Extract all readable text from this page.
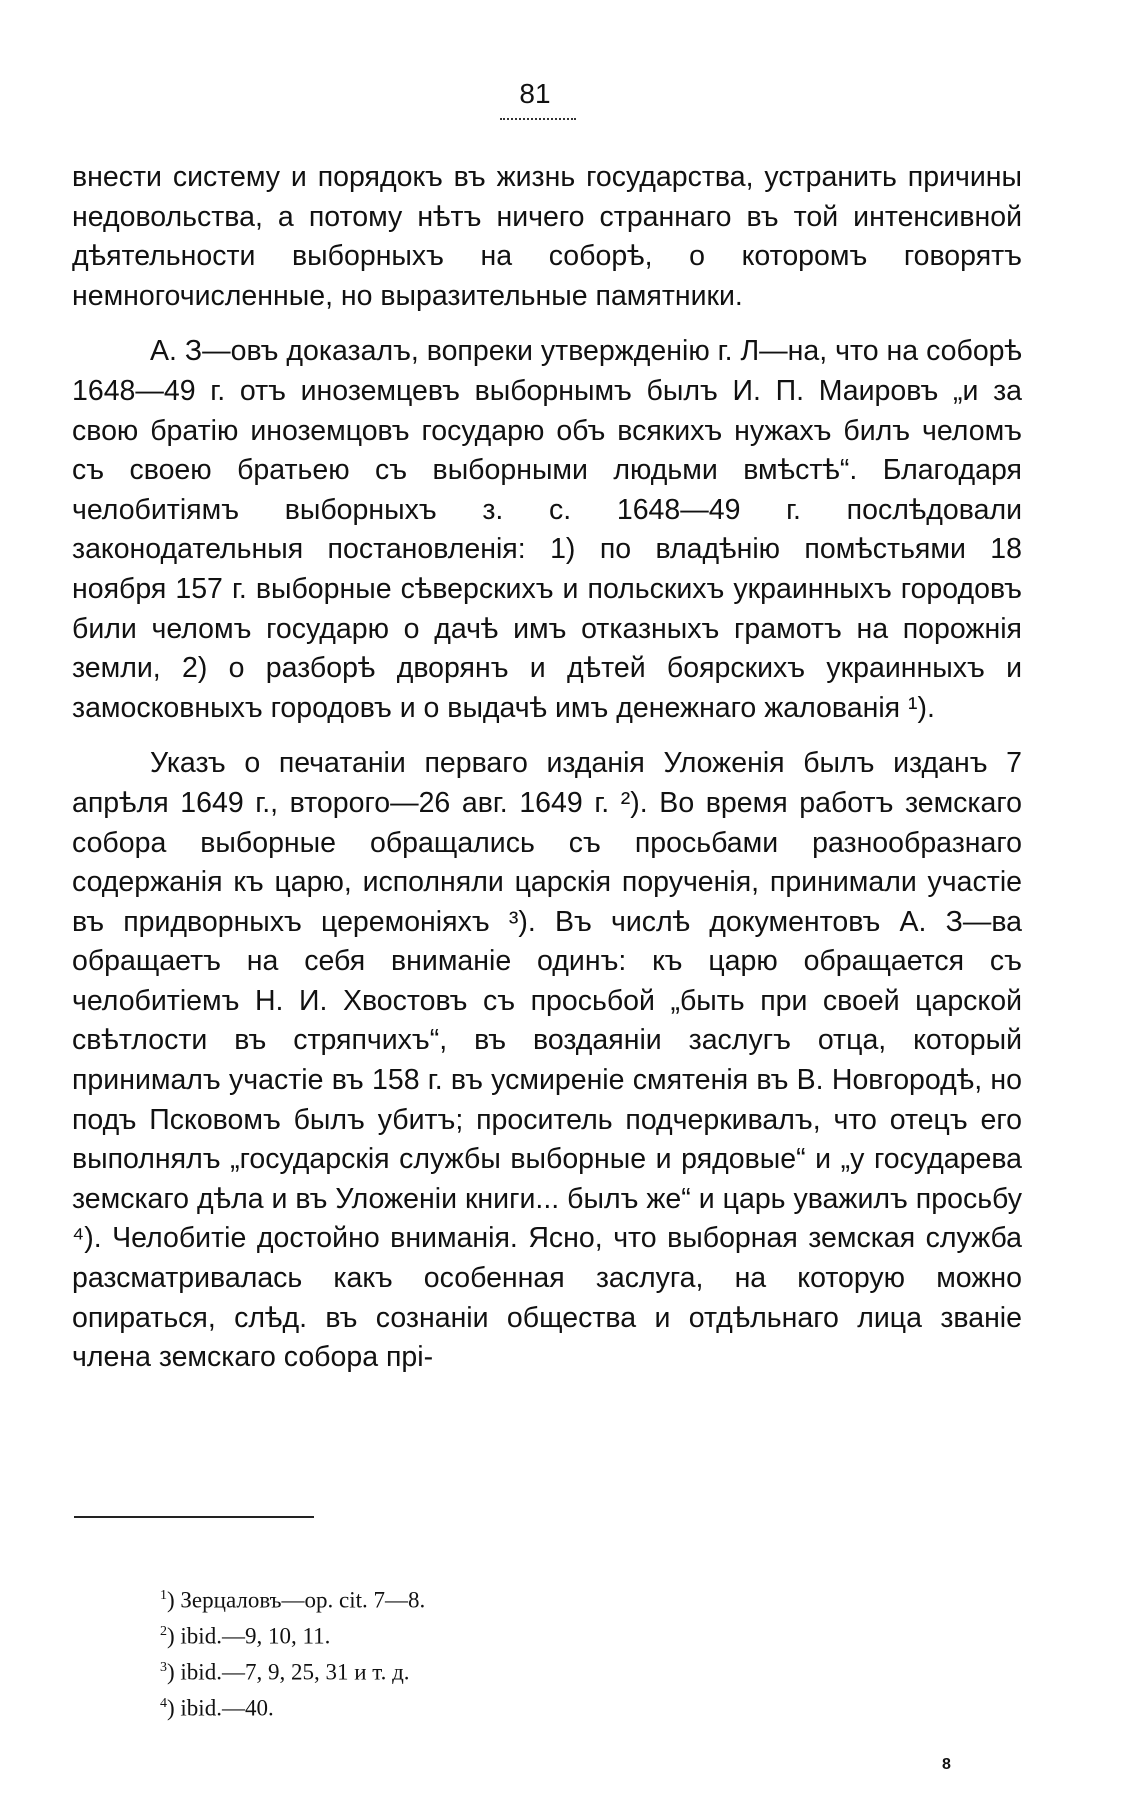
81

внести систему и порядокъ въ жизнь государства, устранить причины недовольства, а потому нѣтъ ничего страннаго въ той интенсивной дѣятельности выборныхъ на соборѣ, о которомъ говорятъ немногочисленные, но выразительные памятники.

А. З—овъ доказалъ, вопреки утвержденію г. Л—на, что на соборѣ 1648—49 г. отъ иноземцевъ выборнымъ былъ И. П. Маировъ „и за свою братію иноземцовъ государю объ всякихъ нужахъ билъ челомъ съ своею братьею съ выборными людьми вмѣстѣ“. Благодаря челобитіямъ выборныхъ з. с. 1648—49 г. послѣдовали законодательныя постановленія: 1) по владѣнію помѣстьями 18 ноября 157 г. выборные сѣверскихъ и польскихъ украинныхъ городовъ били челомъ государю о дачѣ имъ отказныхъ грамотъ на порожнія земли, 2) о разборѣ дворянъ и дѣтей боярскихъ украинныхъ и замосковныхъ городовъ и о выдачѣ имъ денежнаго жалованія ¹).

Указъ о печатаніи перваго изданія Уложенія былъ изданъ 7 апрѣля 1649 г., второго—26 авг. 1649 г. ²). Во время работъ земскаго собора выборные обращались съ просьбами разнообразнаго содержанія къ царю, исполняли царскія порученія, принимали участіе въ придворныхъ церемоніяхъ ³). Въ числѣ документовъ А. З—ва обращаетъ на себя вниманіе одинъ: къ царю обращается съ челобитіемъ Н. И. Хвостовъ съ просьбой „быть при своей царской свѣтлости въ стряпчихъ“, въ воздаяніи заслугъ отца, который принималъ участіе въ 158 г. въ усмиреніе смятенія въ В. Новгородѣ, но подъ Псковомъ былъ убитъ; проситель подчеркивалъ, что отецъ его выполнялъ „государскія службы выборные и рядовые“ и „у государева земскаго дѣла и въ Уложеніи книги... былъ же“ и царь уважилъ просьбу ⁴). Челобитіе достойно вниманія. Ясно, что выборная земская служба разсматривалась какъ особенная заслуга, на которую можно опираться, слѣд. въ сознаніи общества и отдѣльнаго лица званіе члена земскаго собора прі-

$^1$) Зерцаловъ—op. cit. 7—8.
$^2$) ibid.—9, 10, 11.
$^3$) ibid.—7, 9, 25, 31 и т. д.
$^4$) ibid.—40.
8
